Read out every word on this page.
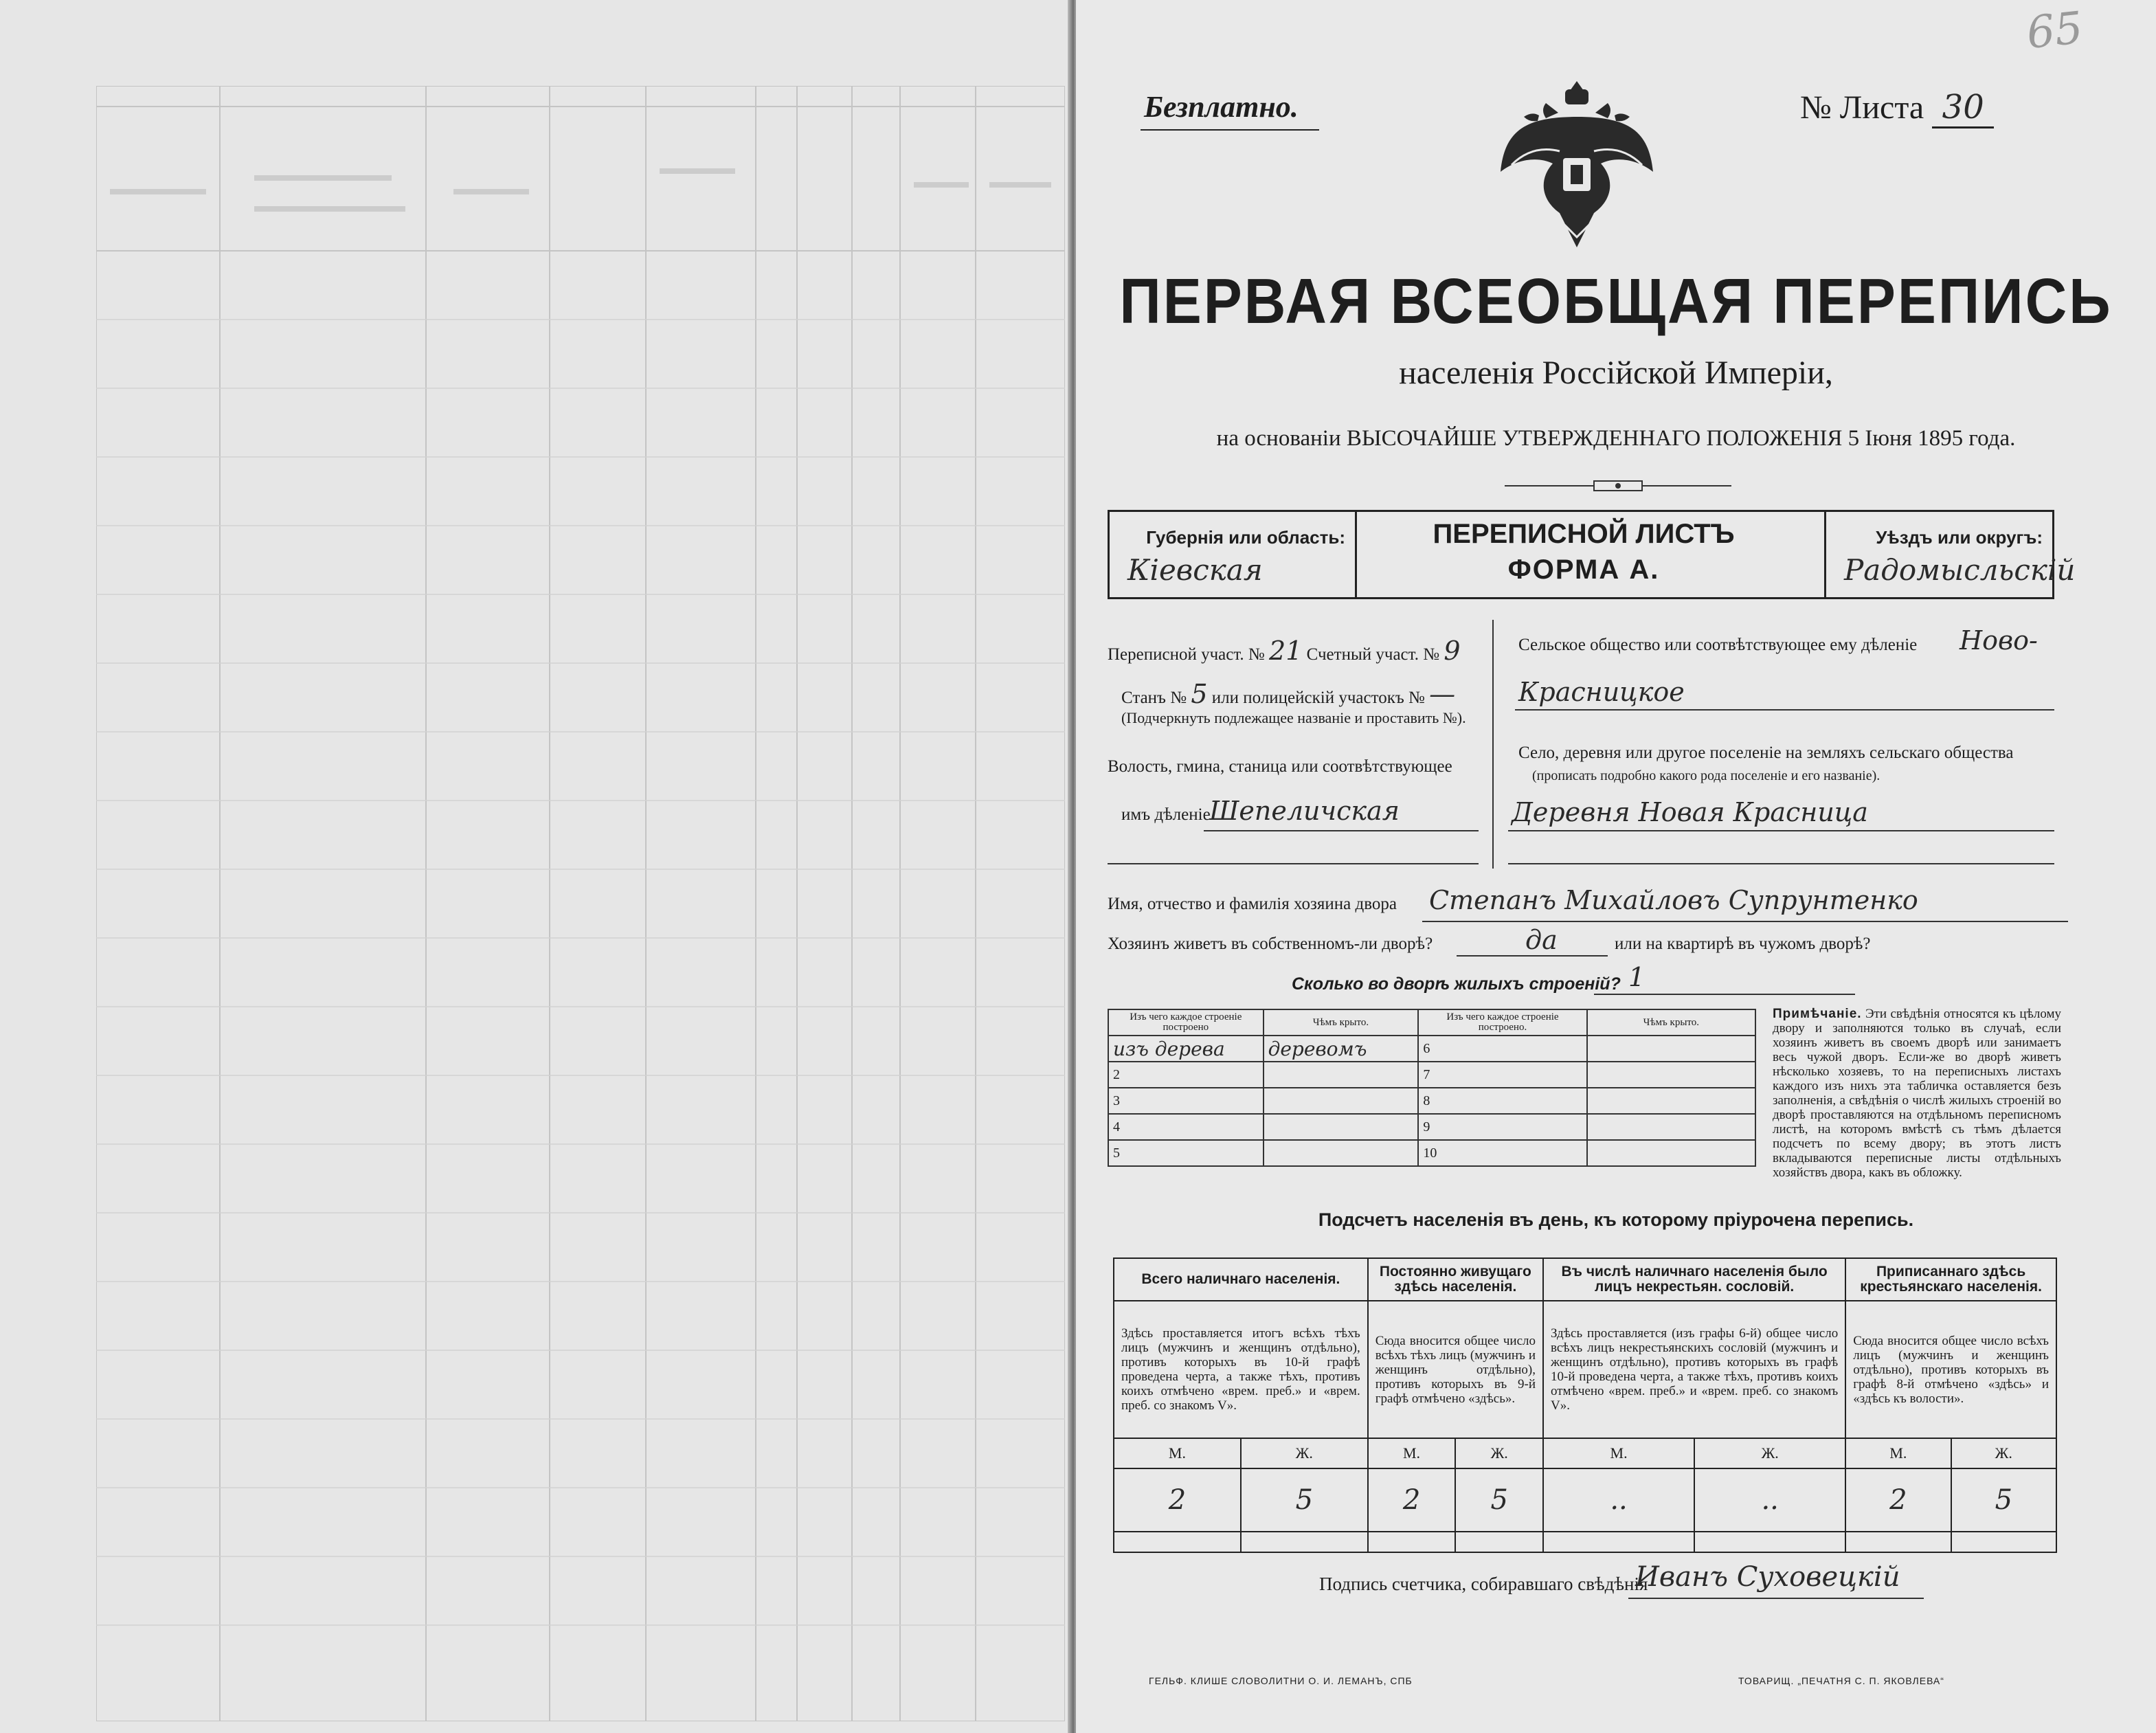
65
Безплатно.	№ Листа 30
ПЕРВАЯ ВСЕОБЩАЯ ПЕРЕПИСЬ
населенія Россійской Имперіи,
на основаніи ВЫСОЧАЙШЕ УТВЕРЖДЕННАГО ПОЛОЖЕНІЯ 5 Іюня 1895 года.
Губернія или область:
Кіевская
ПЕРЕПИСНОЙ ЛИСТЪ
ФОРМА А.
Уѣздъ или округъ:
Радомысльскій
Переписной участ. № 21 Счетный участ. № 9
Станъ № 5 или полицейскій участокъ № —
(Подчеркнуть подлежащее названіе и проставить №).
Волость, гмина, станица или соотвѣтствующее
имъ дѣленіе
Шепеличская
Сельское общество или соотвѣтствующее ему дѣленіе Ново-
Красницкое
Село, деревня или другое поселеніе на земляхъ сельскаго общества
(прописать подробно какого рода поселеніе и его названіе).
Деревня Новая Красница
Имя, отчество и фамилія хозяина двора Степанъ Михайловъ Супрунтенко
Хозяинъ живетъ въ собственномъ-ли дворѣ?	да	или на квартирѣ въ чужомъ дворѣ?
Сколько во дворѣ жилыхъ строеній? 1
Изъ чего каждое строеніе построено	Чѣмъ крыто.	Изъ чего каждое строеніе построено.	Чѣмъ крыто.
изъ дерева	деревомъ	6	
2		7	
3		8	
4		9	
5		10	
Примѣчаніе. Эти свѣдѣнія относятся къ цѣлому двору и заполняются только въ случаѣ, если хозяинъ живетъ въ своемъ дворѣ или занимаетъ весь чужой дворъ. Если-же во дворѣ живетъ нѣсколько хозяевъ, то на переписныхъ листахъ каждого изъ нихъ эта табличка оставляется безъ заполненія, а свѣдѣнія о числѣ жилыхъ строеній во дворѣ проставляются на отдѣльномъ переписномъ листѣ, на которомъ вмѣстѣ съ тѣмъ дѣлается подсчетъ по всему двору; въ этотъ листъ вкладываются переписные листы отдѣльныхъ хозяйствъ двора, какъ въ обложку.
Подсчетъ населенія въ день, къ которому пріурочена перепись.
Всего наличнаго населенія.		Постоянно живущаго здѣсь населенія.		Въ числѣ наличнаго населенія было лицъ некрестьян. сословій.		Приписаннаго здѣсь крестьянскаго населенія.	
Здѣсь проставляется итогъ всѣхъ тѣхъ лицъ (мужчинъ и женщинъ отдѣльно), противъ которыхъ въ 10-й графѣ проведена черта, а также тѣхъ, противъ коихъ отмѣчено «врем. преб.» и «врем. преб. со знакомъ V».		Сюда вносится общее число всѣхъ тѣхъ лицъ (мужчинъ и женщинъ отдѣльно), противъ которыхъ въ 9-й графѣ отмѣчено «здѣсь».		Здѣсь проставляется (изъ графы 6-й) общее число всѣхъ лицъ некрестьянскихъ сословій (мужчинъ и женщинъ отдѣльно), противъ которыхъ въ графѣ 10-й проведена черта, а также тѣхъ, противъ коихъ отмѣчено «врем. преб.» и «врем. преб. со знакомъ V».		Сюда вносится общее число всѣхъ лицъ (мужчинъ и женщинъ отдѣльно), противъ которыхъ въ графѣ 8-й отмѣчено «здѣсь» и «здѣсь къ волости».	
М.	Ж.	М.	Ж.	М.	Ж.	М.	Ж.
2	5	2	5	..	..	2	5

Подпись счетчика, собиравшаго свѣдѣнія
Иванъ Суховецкій
ГЕЛЬФ. КЛИШЕ СЛОВОЛИТНИ О. И. ЛЕМАНЪ, СПБ	ТОВАРИЩ. „ПЕЧАТНЯ С. П. ЯКОВЛЕВА“
